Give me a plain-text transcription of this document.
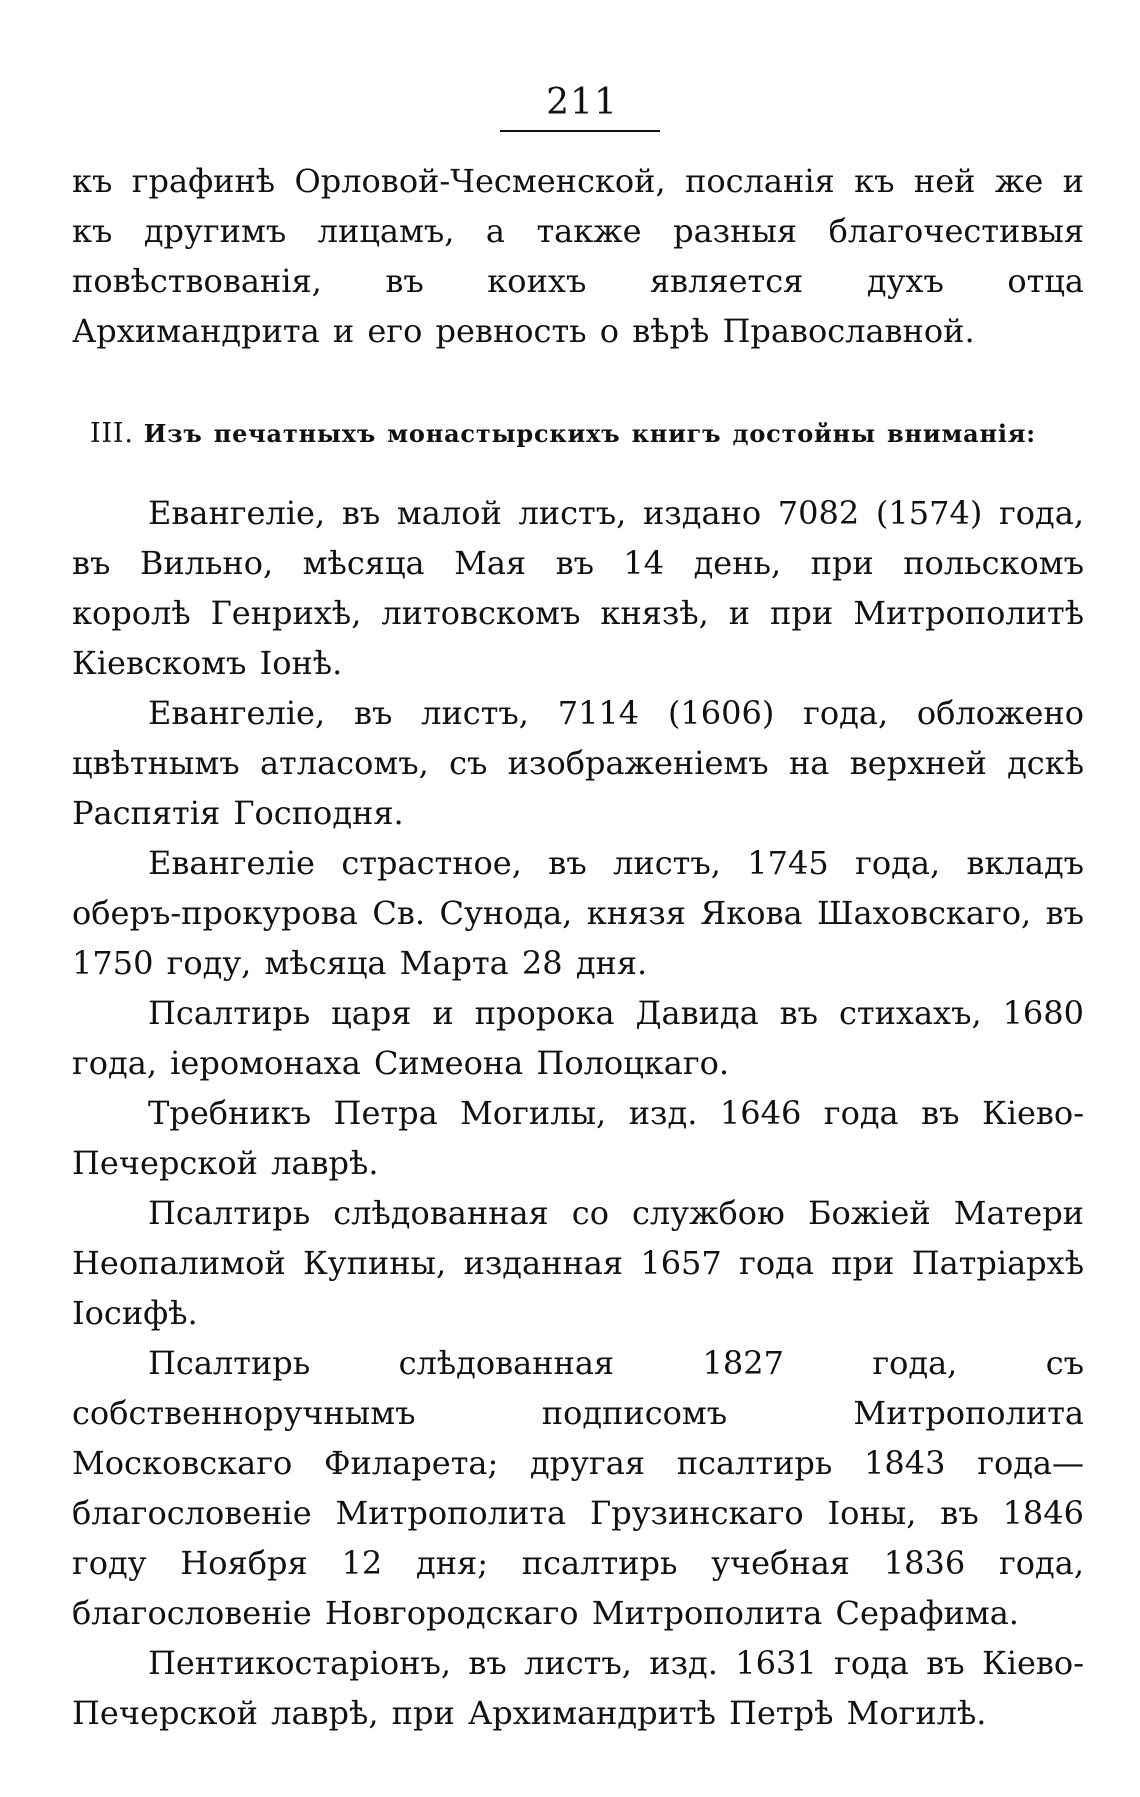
211

къ графинѣ Орловой-Чесменской, посланія къ ней же и къ другимъ лицамъ, а также разныя благочестивыя повѣствованія, въ коихъ является духъ отца Архимандрита и его ревность о вѣрѣ Православной.

III. Изъ печатныхъ монастырскихъ книгъ достойны вниманія:

Евангеліе, въ малой листъ, издано 7082 (1574) года, въ Вильно, мѣсяца Мая въ 14 день, при польскомъ королѣ Генрихѣ, литовскомъ князѣ, и при Митрополитѣ Кіевскомъ Іонѣ.

Евангеліе, въ листъ, 7114 (1606) года, обложено цвѣтнымъ атласомъ, съ изображеніемъ на верхней дскѣ Распятія Господня.

Евангеліе страстное, въ листъ, 1745 года, вкладъ оберъ-прокурова Св. Сунода, князя Якова Шаховскаго, въ 1750 году, мѣсяца Марта 28 дня.

Псалтирь царя и пророка Давида въ стихахъ, 1680 года, іеромонаха Симеона Полоцкаго.

Требникъ Петра Могилы, изд. 1646 года въ Кіево-Печерской лаврѣ.

Псалтирь слѣдованная со службою Божіей Матери Неопалимой Купины, изданная 1657 года при Патріархѣ Іосифѣ.

Псалтирь слѣдованная 1827 года, съ собственноручнымъ подписомъ Митрополита Московскаго Филарета; другая псалтирь 1843 года—благословеніе Митрополита Грузинскаго Іоны, въ 1846 году Ноября 12 дня; псалтирь учебная 1836 года, благословеніе Новгородскаго Митрополита Серафима.

Пентикостаріонъ, въ листъ, изд. 1631 года въ Кіево-Печерской лаврѣ, при Архимандритѣ Петрѣ Могилѣ.
